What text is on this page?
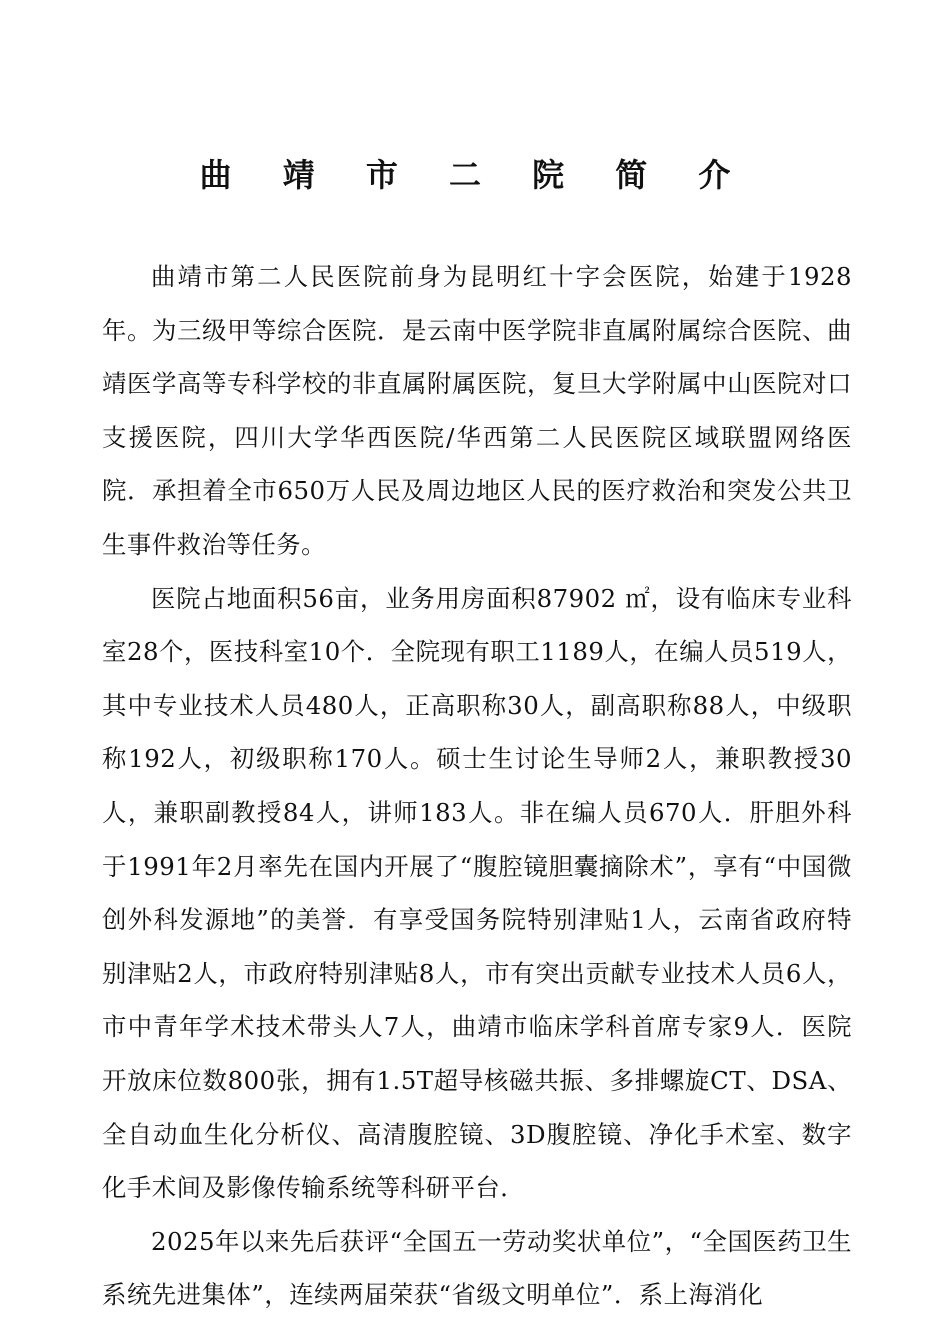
曲 靖 市 二 院 简 介

曲靖市第二人民医院前身为昆明红十字会医院，始建于1928年。为三级甲等综合医院．是云南中医学院非直属附属综合医院、曲靖医学高等专科学校的非直属附属医院，复旦大学附属中山医院对口支援医院，四川大学华西医院/华西第二人民医院区域联盟网络医院．承担着全市650万人民及周边地区人民的医疗救治和突发公共卫生事件救治等任务。

医院占地面积56亩，业务用房面积87902 ㎡，设有临床专业科室28个，医技科室10个．全院现有职工1189人，在编人员519人，其中专业技术人员480人，正高职称30人，副高职称88人，中级职称192人，初级职称170人。硕士生讨论生导师2人，兼职教授30人，兼职副教授84人，讲师183人。非在编人员670人．肝胆外科于1991年2月率先在国内开展了“腹腔镜胆囊摘除术”，享有“中国微创外科发源地”的美誉．有享受国务院特别津贴1人，云南省政府特别津贴2人，市政府特别津贴8人，市有突出贡献专业技术人员6人，市中青年学术技术带头人7人，曲靖市临床学科首席专家9人．医院开放床位数800张，拥有1.5T超导核磁共振、多排螺旋CT、DSA、全自动血生化分析仪、高清腹腔镜、3D腹腔镜、净化手术室、数字化手术间及影像传输系统等科研平台．

2025年以来先后获评“全国五一劳动奖状单位”，“全国医药卫生系统先进集体”，连续两届荣获“省级文明单位”．系上海消化
